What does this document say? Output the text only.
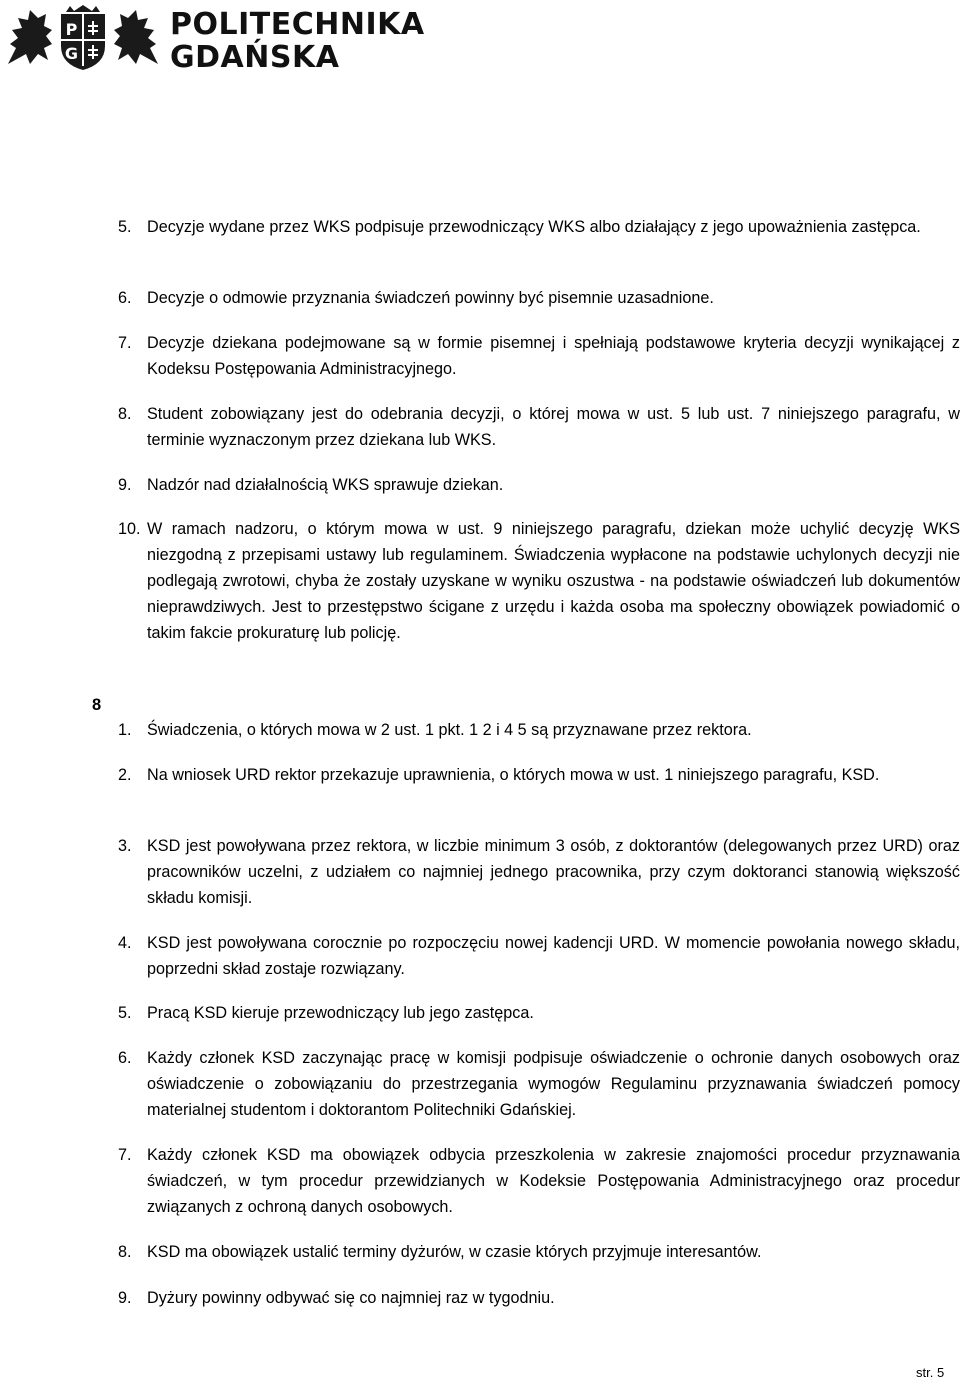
P
G
POLITECHNIKA
GDAŃSKA
5. Decyzje wydane przez WKS podpisuje przewodniczący WKS albo działający z jego upoważnienia zastępca.
6. Decyzje o odmowie przyznania świadczeń powinny być pisemnie uzasadnione.
7. Decyzje dziekana podejmowane są w formie pisemnej i spełniają podstawowe kryteria decyzji wynikającej z Kodeksu Postępowania Administracyjnego.
8. Student zobowiązany jest do odebrania decyzji, o której mowa w ust. 5 lub ust. 7 niniejszego paragrafu, w terminie wyznaczonym przez dziekana lub WKS.
9. Nadzór nad działalnością WKS sprawuje dziekan.
10. W ramach nadzoru, o którym mowa w ust. 9 niniejszego paragrafu, dziekan może uchylić decyzję WKS niezgodną z przepisami ustawy lub regulaminem. Świadczenia wypłacone na podstawie uchylonych decyzji nie podlegają zwrotowi, chyba że zostały uzyskane w wyniku oszustwa - na podstawie oświadczeń lub dokumentów nieprawdziwych. Jest to przestępstwo ścigane z urzędu i każda osoba ma społeczny obowiązek powiadomić o takim fakcie prokuraturę lub policję.
8
1. Świadczenia, o których mowa w 2 ust. 1 pkt. 1 2 i 4 5 są przyznawane przez rektora.
2. Na wniosek URD rektor przekazuje uprawnienia, o których mowa w ust. 1 niniejszego paragrafu, KSD.
3. KSD jest powoływana przez rektora, w liczbie minimum 3 osób, z doktorantów (delegowanych przez URD) oraz pracowników uczelni, z udziałem co najmniej jednego pracownika, przy czym doktoranci stanowią większość składu komisji.
4. KSD jest powoływana corocznie po rozpoczęciu nowej kadencji URD. W momencie powołania nowego składu, poprzedni skład zostaje rozwiązany.
5. Pracą KSD kieruje przewodniczący lub jego zastępca.
6. Każdy członek KSD zaczynając pracę w komisji podpisuje oświadczenie o ochronie danych osobowych oraz oświadczenie o zobowiązaniu do przestrzegania wymogów Regulaminu przyznawania świadczeń pomocy materialnej studentom i doktorantom Politechniki Gdańskiej.
7. Każdy członek KSD ma obowiązek odbycia przeszkolenia w zakresie znajomości procedur przyznawania świadczeń, w tym procedur przewidzianych w Kodeksie Postępowania Administracyjnego oraz procedur związanych z ochroną danych osobowych.
8. KSD ma obowiązek ustalić terminy dyżurów, w czasie których przyjmuje interesantów.
9. Dyżury powinny odbywać się co najmniej raz w tygodniu.
str. 5
